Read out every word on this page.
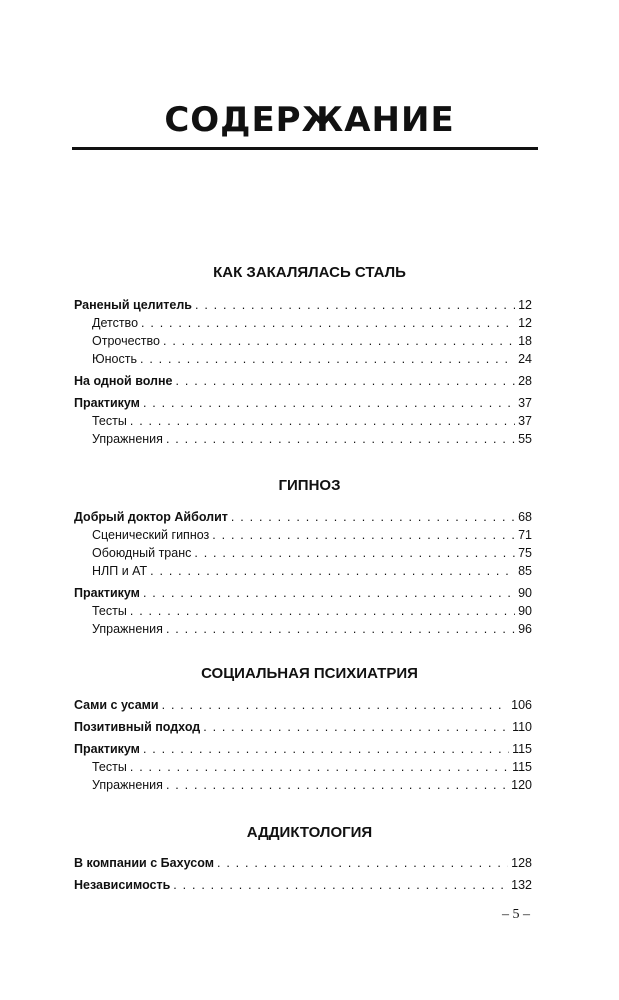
СОДЕРЖАНИЕ
КАК ЗАКАЛЯЛАСЬ СТАЛЬ
Раненый целитель . . .	12
Детство . . .	12
Отрочество . . .	18
Юность . . .	24
На одной волне . . .	28
Практикум . . .	37
Тесты . . .	37
Упражнения . . .	55
ГИПНОЗ
Добрый доктор Айболит . . .	68
Сценический гипноз . . .	71
Обоюдный транс . . .	75
НЛП и АТ . . .	85
Практикум . . .	90
Тесты . . .	90
Упражнения . . .	96
СОЦИАЛЬНАЯ ПСИХИАТРИЯ
Сами с усами . . .	106
Позитивный подход . . .	110
Практикум . . .	115
Тесты . . .	115
Упражнения . . .	120
АДДИКТОЛОГИЯ
В компании с Бахусом . . .	128
Независимость . . .	132
– 5 –
